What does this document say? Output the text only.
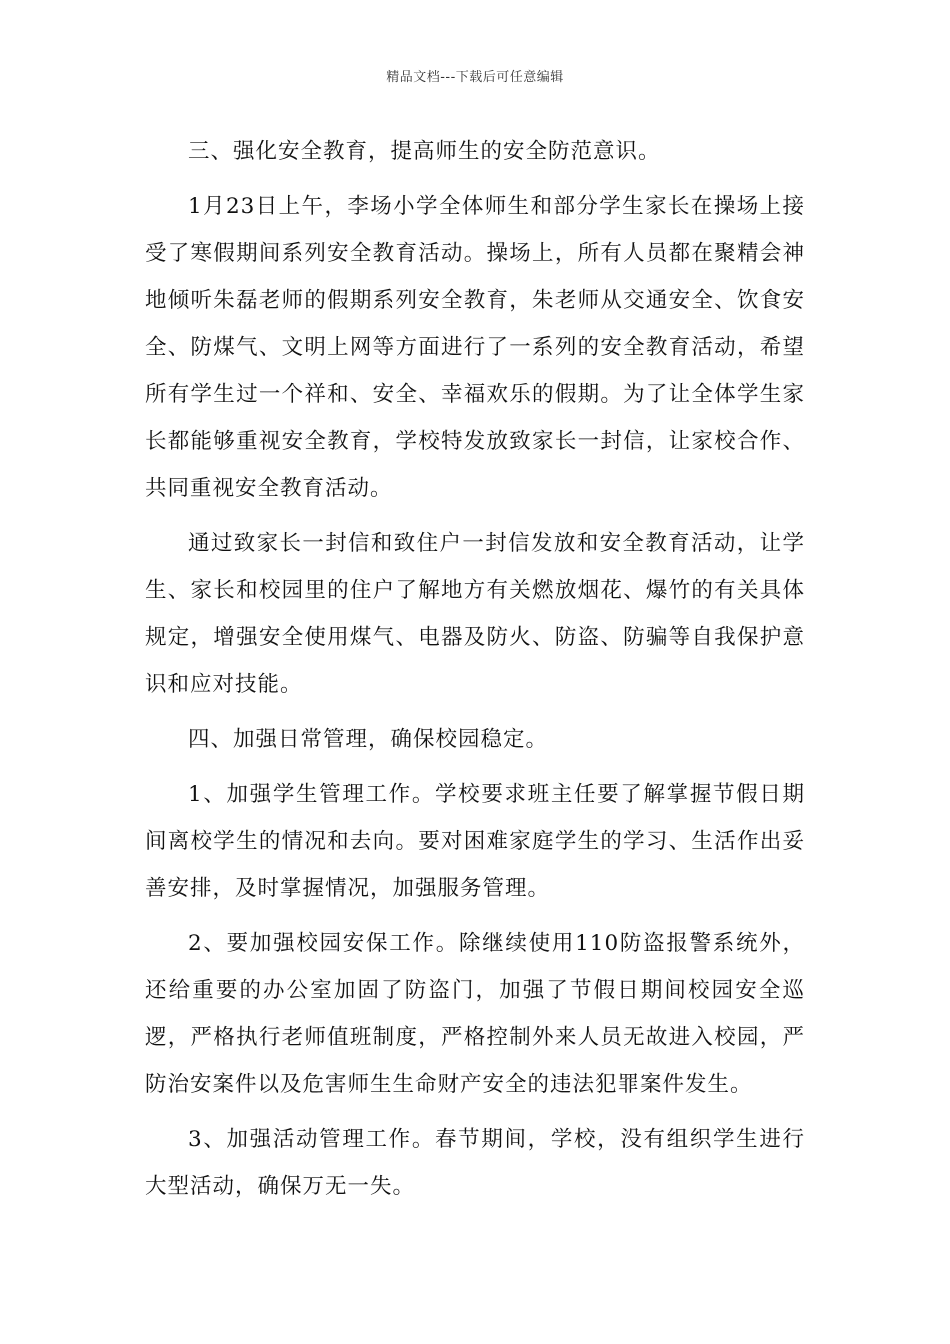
精品文档---下载后可任意编辑

三、强化安全教育，提高师生的安全防范意识。

1月23日上午，李场小学全体师生和部分学生家长在操场上接受了寒假期间系列安全教育活动。操场上，所有人员都在聚精会神地倾听朱磊老师的假期系列安全教育，朱老师从交通安全、饮食安全、防煤气、文明上网等方面进行了一系列的安全教育活动，希望所有学生过一个祥和、安全、幸福欢乐的假期。为了让全体学生家长都能够重视安全教育，学校特发放致家长一封信，让家校合作、共同重视安全教育活动。

通过致家长一封信和致住户一封信发放和安全教育活动，让学生、家长和校园里的住户了解地方有关燃放烟花、爆竹的有关具体规定，增强安全使用煤气、电器及防火、防盗、防骗等自我保护意识和应对技能。

四、加强日常管理，确保校园稳定。

1、加强学生管理工作。学校要求班主任要了解掌握节假日期间离校学生的情况和去向。要对困难家庭学生的学习、生活作出妥善安排，及时掌握情况，加强服务管理。

2、要加强校园安保工作。除继续使用110防盗报警系统外，还给重要的办公室加固了防盗门，加强了节假日期间校园安全巡逻，严格执行老师值班制度，严格控制外来人员无故进入校园，严防治安案件以及危害师生生命财产安全的违法犯罪案件发生。

3、加强活动管理工作。春节期间，学校，没有组织学生进行大型活动，确保万无一失。
